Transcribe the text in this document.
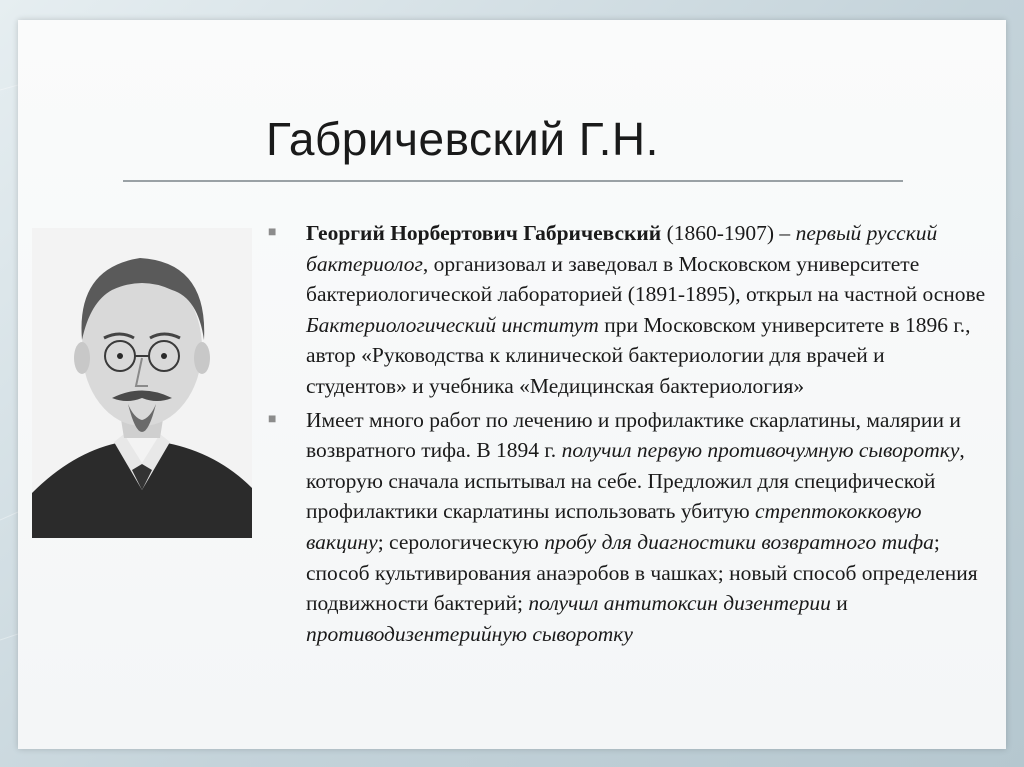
Габричевский Г.Н.
■ Георгий Норбертович Габричевский (1860-1907) – первый русский бактериолог, организовал и заведовал в Московском университете бактериологической лабораторией (1891-1895), открыл на частной основе Бактериологический институт при Московском университете в 1896 г., автор «Руководства к клинической бактериологии для врачей и студентов» и учебника «Медицинская бактериология»
■ Имеет много работ по лечению и профилактике скарлатины, малярии и возвратного тифа. В 1894 г. получил первую противочумную сыворотку, которую сначала испытывал на себе. Предложил для специфической профилактики скарлатины использовать убитую стрептококковую вакцину; серологическую пробу для диагностики возвратного тифа; способ культивирования анаэробов в чашках; новый способ определения подвижности бактерий; получил антитоксин дизентерии и противодизентерийную сыворотку
